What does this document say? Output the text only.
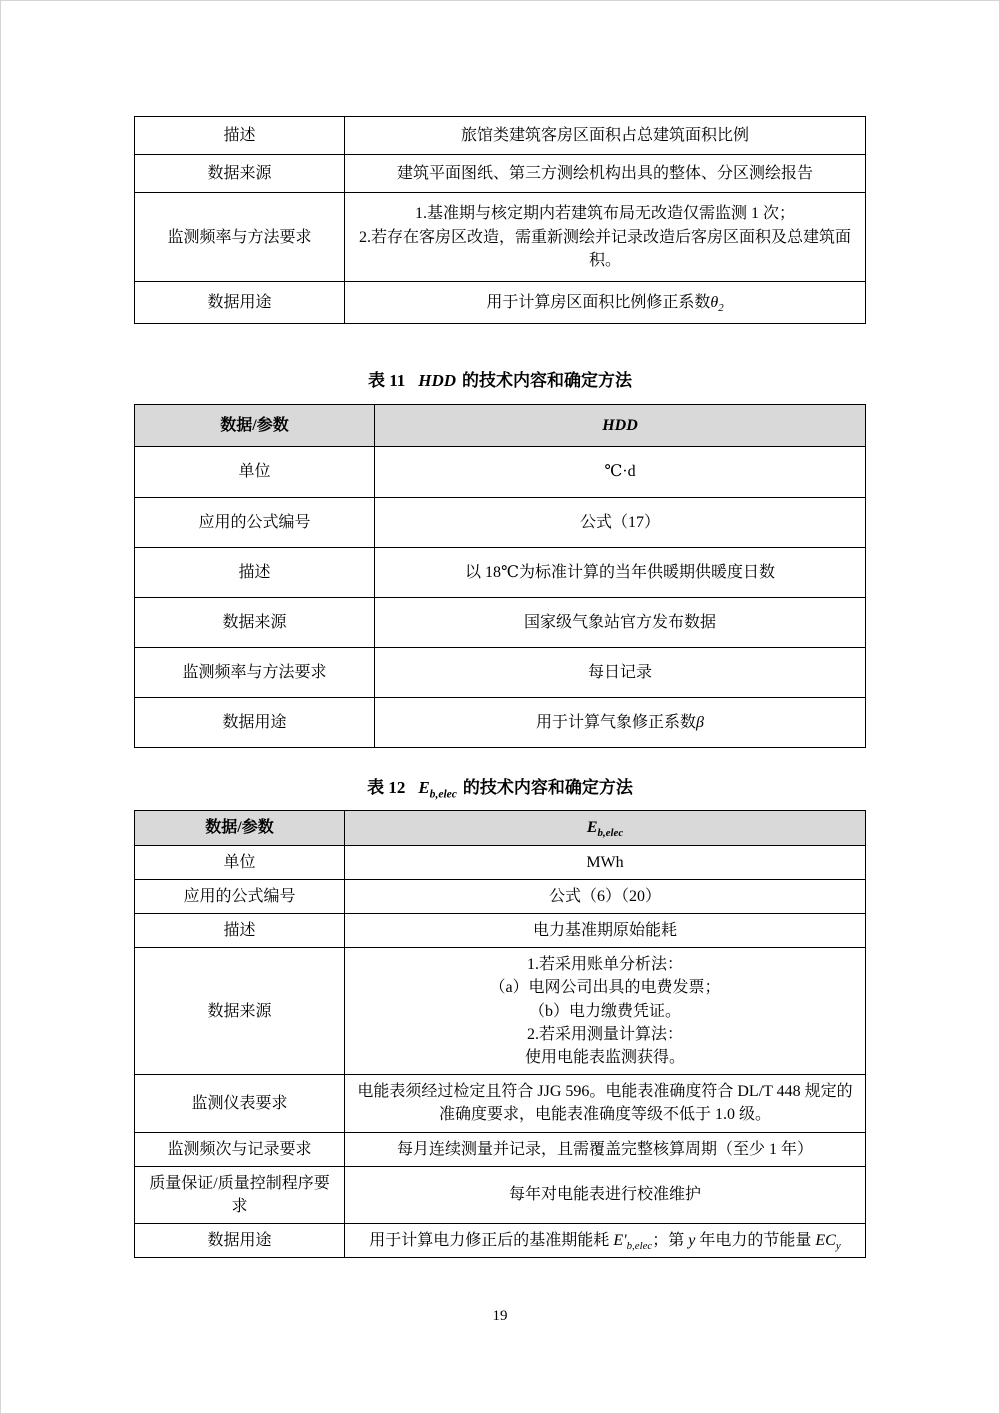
描述	旅馆类建筑客房区面积占总建筑面积比例
数据来源	建筑平面图纸、第三方测绘机构出具的整体、分区测绘报告
监测频率与方法要求	1.基准期与核定期内若建筑布局无改造仅需监测 1 次；
2.若存在客房区改造，需重新测绘并记录改造后客房区面积及总建筑面积。

数据用途	用于计算房区面积比例修正系数$\theta_2$
表 11 HDD 的技术内容和确定方法
数据/参数	HDD
单位	℃·d
应用的公式编号	公式（17）
描述	以 18℃为标准计算的当年供暖期供暖度日数
数据来源	国家级气象站官方发布数据
监测频率与方法要求	每日记录
数据用途	用于计算气象修正系数β
表 12 $E_{b,elec}$ 的技术内容和确定方法
数据/参数	$E_{b,elec}$
单位	MWh
应用的公式编号	公式（6）（20）
描述	电力基准期原始能耗
数据来源	1.若采用账单分析法：
（a）电网公司出具的电费发票；
（b）电力缴费凭证。
2.若采用测量计算法：
使用电能表监测获得。

监测仪表要求	电能表须经过检定且符合 JJG 596。电能表准确度符合 DL/T 448 规定的准确度要求，电能表准确度等级不低于 1.0 级。
监测频次与记录要求	每月连续测量并记录，且需覆盖完整核算周期（至少 1 年）
质量保证/质量控制程序要求	每年对电能表进行校准维护
数据用途	用于计算电力修正后的基准期能耗 $E'_{b,elec}$；第 y 年电力的节能量 $EC_y$
19
